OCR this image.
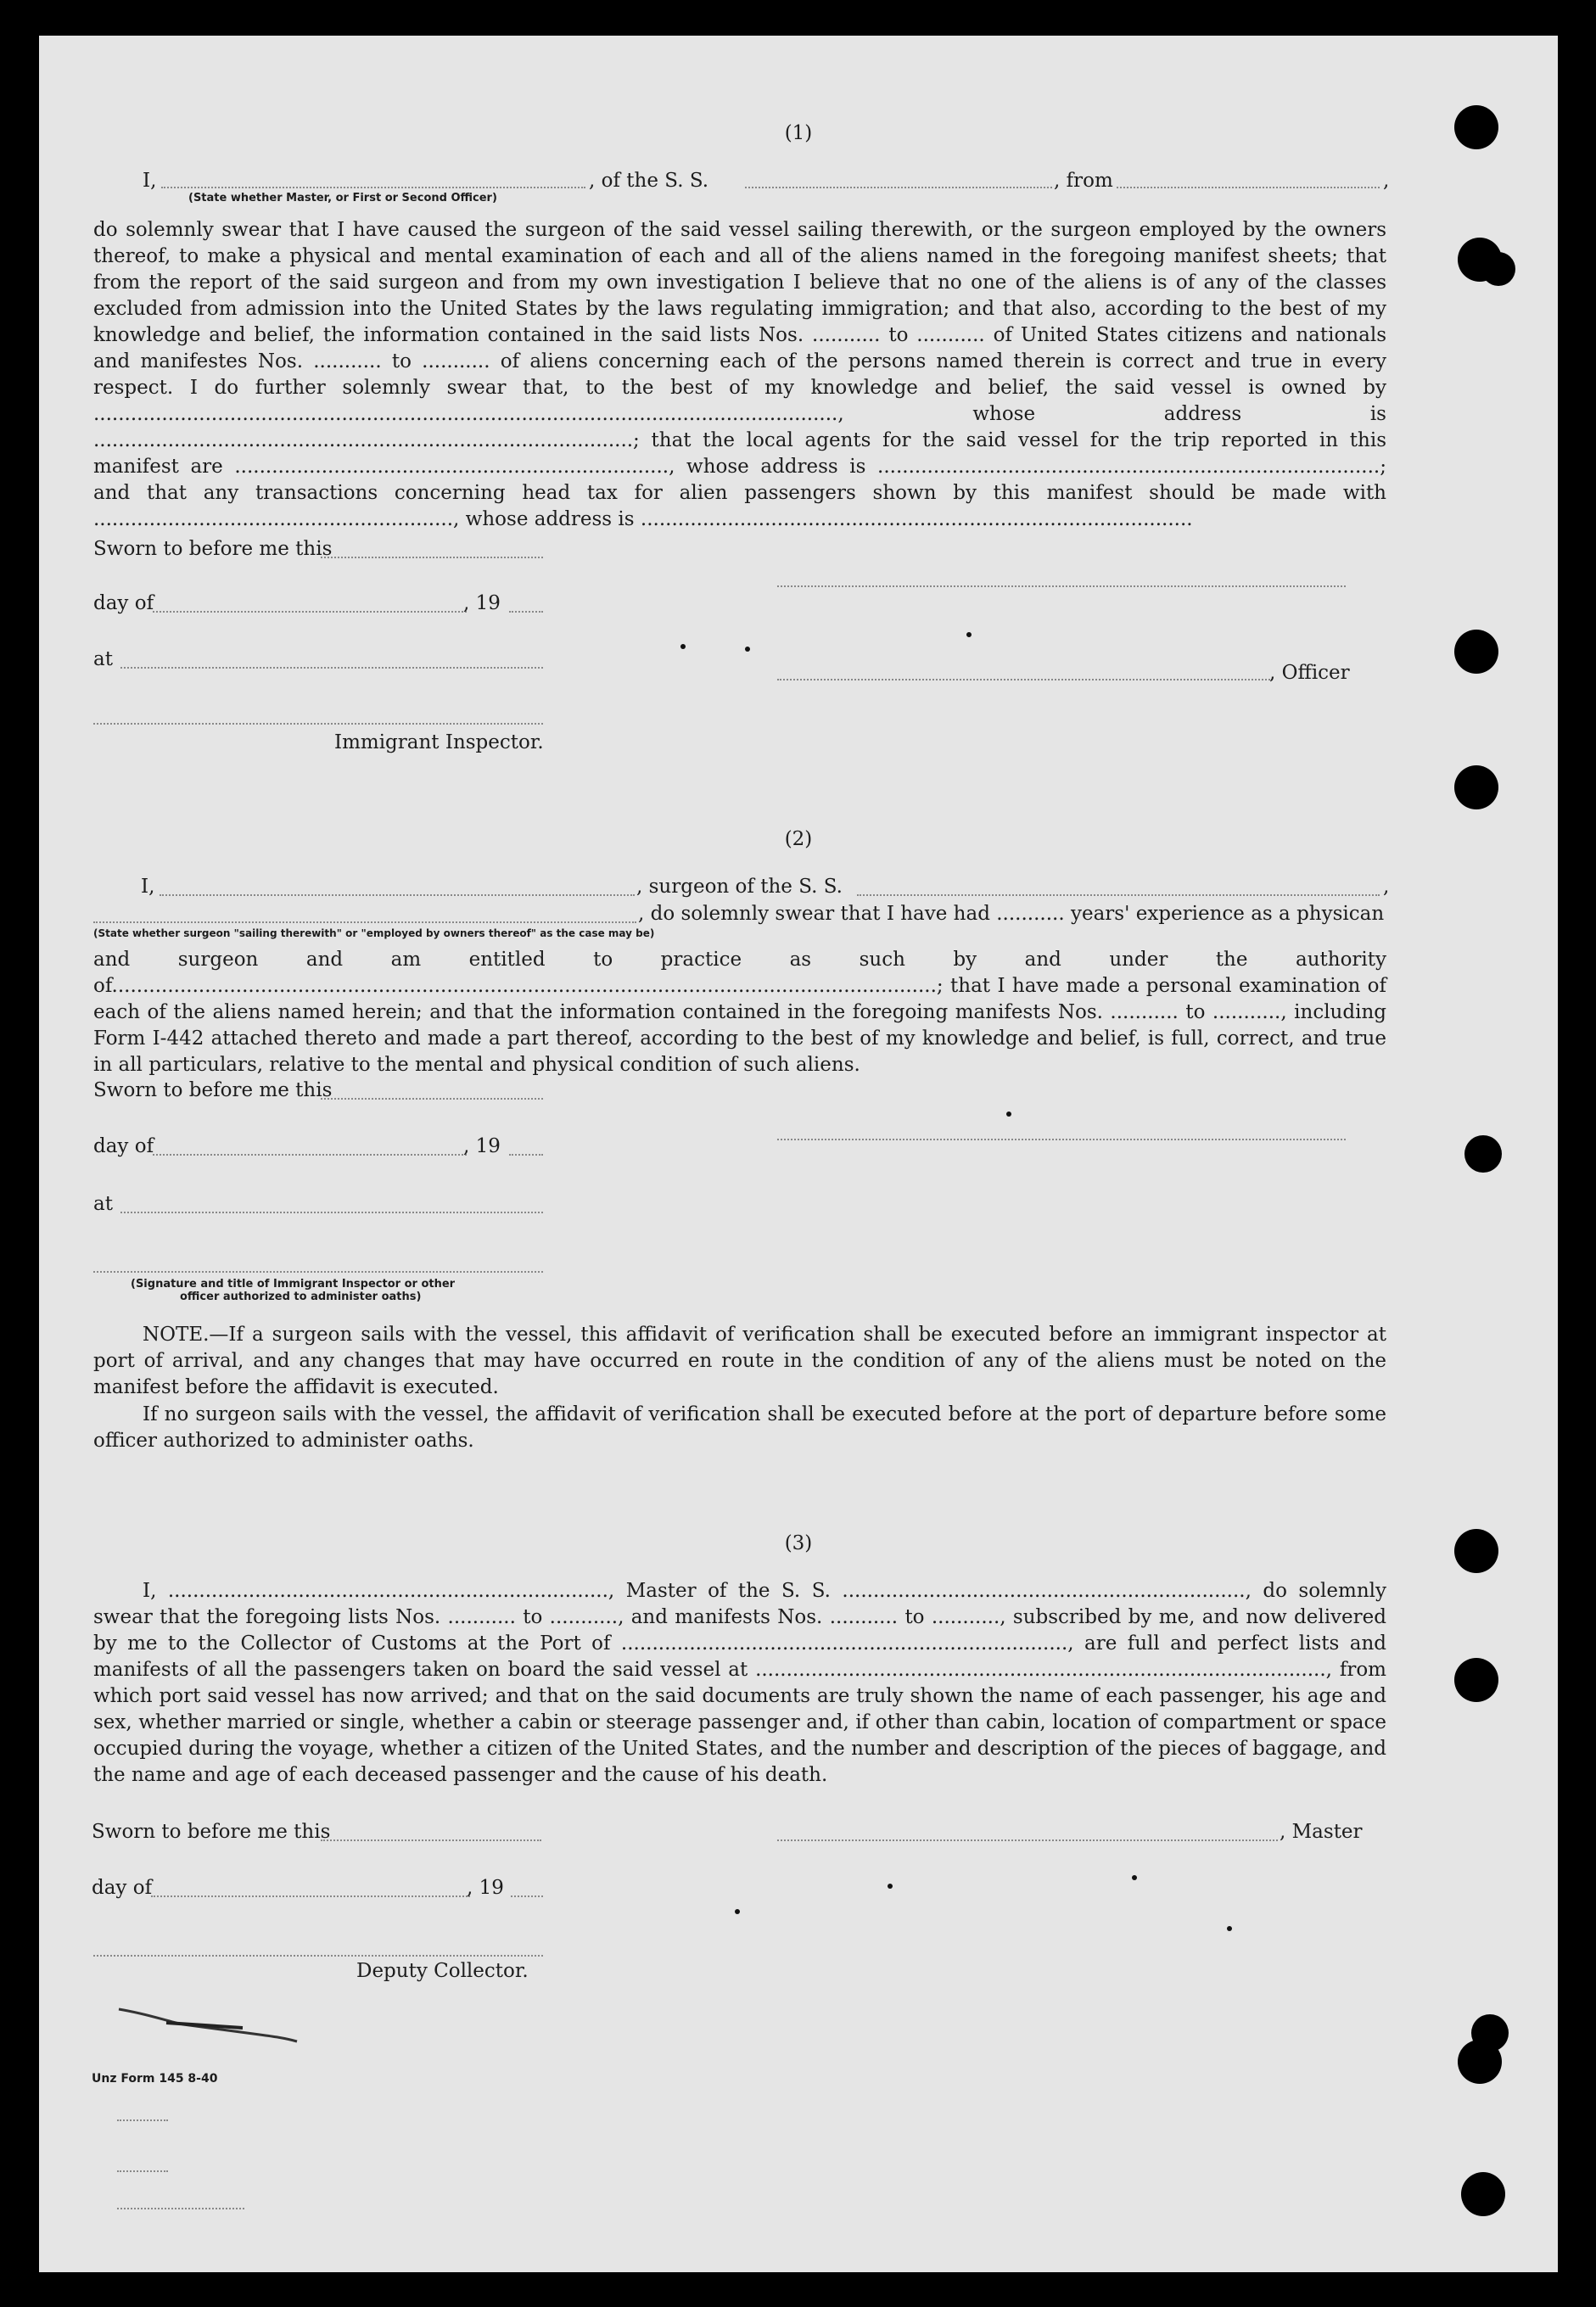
(1)
I,	, of the S. S.	, from	,
(State whether Master, or First or Second Officer)
do solemnly swear that I have caused the surgeon of the said vessel sailing therewith, or the surgeon employed by the owners thereof, to make a physical and mental examination of each and all of the aliens named in the foregoing manifest sheets; that from the report of the said surgeon and from my own investigation I believe that no one of the aliens is of any of the classes excluded from admission into the United States by the laws regulating immigration; and that also, according to the best of my knowledge and belief, the information contained in the said lists Nos. ........... to ........... of United States citizens and nationals and manifestes Nos. ........... to ........... of aliens concerning each of the persons named therein is correct and true in every respect. I do further solemnly swear that, to the best of my knowledge and belief, the said vessel is owned by ........................................................................................................................, whose address is .......................................................................................; that the local agents for the said vessel for the trip reported in this manifest are ......................................................................, whose address is .................................................................................; and that any transactions concerning head tax for alien passengers shown by this manifest should be made with .........................................................., whose address is .........................................................................................
Sworn to before me this
day of	, 19
at
, Officer
Immigrant Inspector.
(2)
I,	, surgeon of the S. S.	,
, do solemnly swear that I have had ........... years' experience as a physican
(State whether surgeon "sailing therewith" or "employed by owners thereof" as the case may be)
and surgeon and am entitled to practice as such by and under the authority of.....................................................................................................................................; that I have made a personal examination of each of the aliens named herein; and that the information contained in the foregoing manifests Nos. ........... to ..........., including Form I-442 attached thereto and made a part thereof, according to the best of my knowledge and belief, is full, correct, and true in all particulars, relative to the mental and physical condition of such aliens.
Sworn to before me this
day of	, 19
at
(Signature and title of Immigrant Inspector or other
officer authorized to administer oaths)
NOTE.—If a surgeon sails with the vessel, this affidavit of verification shall be executed before an immigrant inspector at port of arrival, and any changes that may have occurred en route in the condition of any of the aliens must be noted on the manifest before the affidavit is executed.
If no surgeon sails with the vessel, the affidavit of verification shall be executed before at the port of departure before some officer authorized to administer oaths.
(3)
I, ......................................................................., Master of the S. S. ................................................................., do solemnly swear that the foregoing lists Nos. ........... to ..........., and manifests Nos. ........... to ..........., subscribed by me, and now delivered by me to the Collector of Customs at the Port of ........................................................................, are full and perfect lists and manifests of all the passengers taken on board the said vessel at ............................................................................................, from which port said vessel has now arrived; and that on the said documents are truly shown the name of each passenger, his age and sex, whether married or single, whether a cabin or steerage passenger and, if other than cabin, location of compartment or space occupied during the voyage, whether a citizen of the United States, and the number and description of the pieces of baggage, and the name and age of each deceased passenger and the cause of his death.
Sworn to before me this	, Master
day of	, 19
Deputy Collector.
Unz Form 145 8-40
